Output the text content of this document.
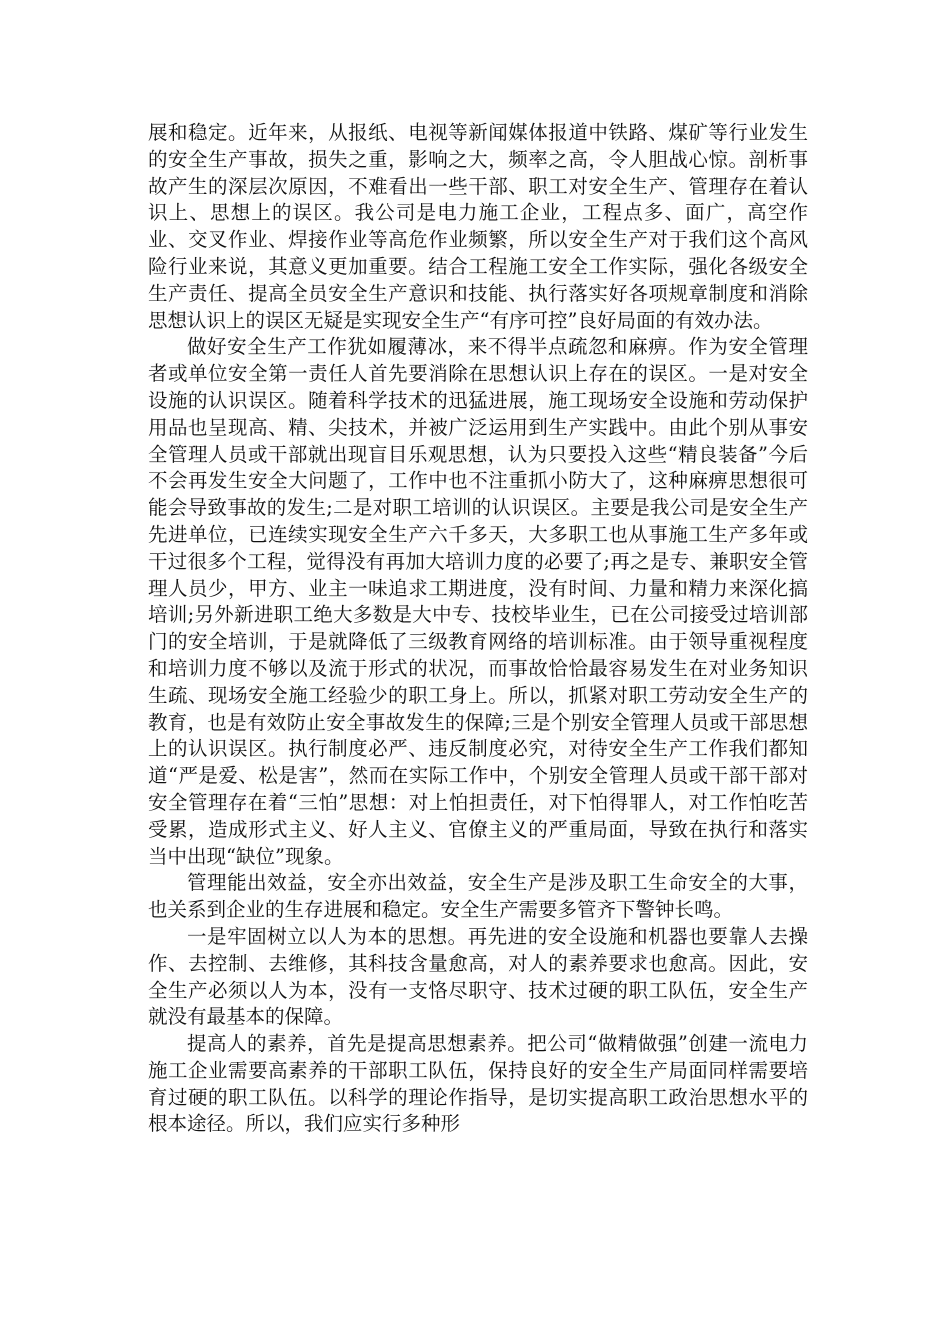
展和稳定。近年来，从报纸、电视等新闻媒体报道中铁路、煤矿等行业发生的安全生产事故，损失之重，影响之大，频率之高，令人胆战心惊。剖析事故产生的深层次原因，不难看出一些干部、职工对安全生产、管理存在着认识上、思想上的误区。我公司是电力施工企业，工程点多、面广，高空作业、交叉作业、焊接作业等高危作业频繁，所以安全生产对于我们这个高风险行业来说，其意义更加重要。结合工程施工安全工作实际，强化各级安全生产责任、提高全员安全生产意识和技能、执行落实好各项规章制度和消除思想认识上的误区无疑是实现安全生产“有序可控”良好局面的有效办法。

做好安全生产工作犹如履薄冰，来不得半点疏忽和麻痹。作为安全管理者或单位安全第一责任人首先要消除在思想认识上存在的误区。一是对安全设施的认识误区。随着科学技术的迅猛进展，施工现场安全设施和劳动保护用品也呈现高、精、尖技术，并被广泛运用到生产实践中。由此个别从事安全管理人员或干部就出现盲目乐观思想，认为只要投入这些“精良装备”今后不会再发生安全大问题了，工作中也不注重抓小防大了，这种麻痹思想很可能会导致事故的发生;二是对职工培训的认识误区。主要是我公司是安全生产先进单位，已连续实现安全生产六千多天，大多职工也从事施工生产多年或干过很多个工程，觉得没有再加大培训力度的必要了;再之是专、兼职安全管理人员少，甲方、业主一味追求工期进度，没有时间、力量和精力来深化搞培训;另外新进职工绝大多数是大中专、技校毕业生，已在公司接受过培训部门的安全培训，于是就降低了三级教育网络的培训标准。由于领导重视程度和培训力度不够以及流于形式的状况，而事故恰恰最容易发生在对业务知识生疏、现场安全施工经验少的职工身上。所以，抓紧对职工劳动安全生产的教育，也是有效防止安全事故发生的保障;三是个别安全管理人员或干部思想上的认识误区。执行制度必严、违反制度必究，对待安全生产工作我们都知道“严是爱、松是害”，然而在实际工作中，个别安全管理人员或干部干部对安全管理存在着“三怕”思想：对上怕担责任，对下怕得罪人，对工作怕吃苦受累，造成形式主义、好人主义、官僚主义的严重局面，导致在执行和落实当中出现“缺位”现象。

管理能出效益，安全亦出效益，安全生产是涉及职工生命安全的大事，也关系到企业的生存进展和稳定。安全生产需要多管齐下警钟长鸣。

一是牢固树立以人为本的思想。再先进的安全设施和机器也要靠人去操作、去控制、去维修，其科技含量愈高，对人的素养要求也愈高。因此，安全生产必须以人为本，没有一支恪尽职守、技术过硬的职工队伍，安全生产就没有最基本的保障。

提高人的素养，首先是提高思想素养。把公司“做精做强”创建一流电力施工企业需要高素养的干部职工队伍，保持良好的安全生产局面同样需要培育过硬的职工队伍。以科学的理论作指导，是切实提高职工政治思想水平的根本途径。所以，我们应实行多种形
